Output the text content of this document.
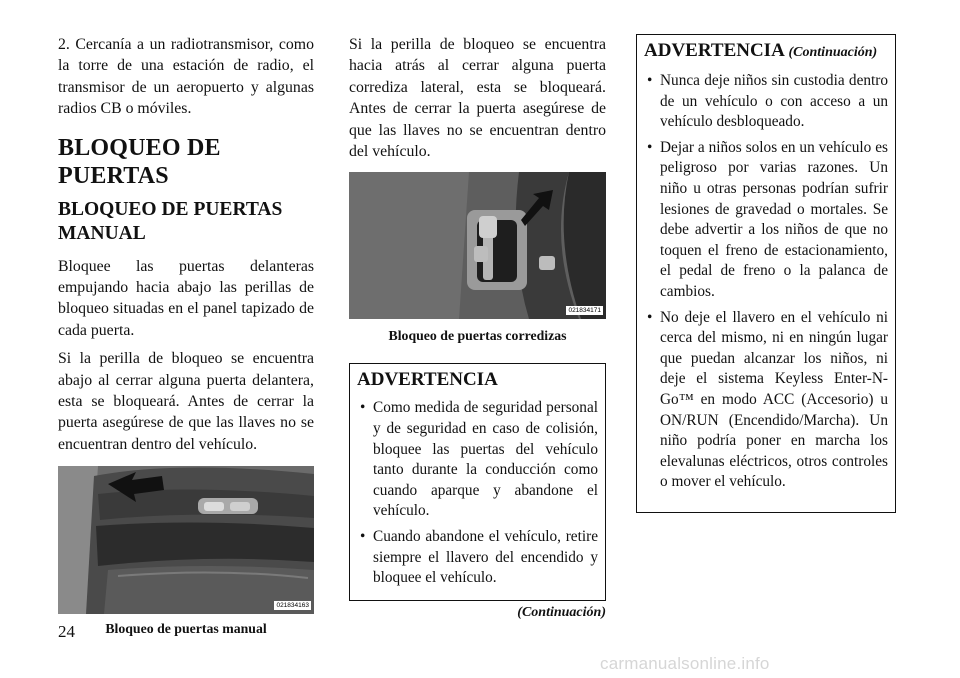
2. Cercanía a un radiotransmisor, como la torre de una estación de radio, el transmisor de un aeropuerto y algunas radios CB o móviles.

BLOQUEO DE PUERTAS
BLOQUEO DE PUERTAS MANUAL

Bloquee las puertas delanteras empujando hacia abajo las perillas de bloqueo situadas en el panel tapizado de cada puerta.

Si la perilla de bloqueo se encuentra abajo al cerrar alguna puerta delantera, esta se bloqueará. Antes de cerrar la puerta asegúrese de que las llaves no se encuentran dentro del vehículo.

021834163
Bloqueo de puertas manual

Si la perilla de bloqueo se encuentra hacia atrás al cerrar alguna puerta corrediza lateral, esta se bloqueará. Antes de cerrar la puerta asegúrese de que las llaves no se encuentran dentro del vehículo.

021834171
Bloqueo de puertas corredizas
ADVERTENCIA
• Como medida de seguridad personal y de seguridad en caso de colisión, bloquee las puertas del vehículo tanto durante la conducción como cuando aparque y abandone el vehículo.
• Cuando abandone el vehículo, retire siempre el llavero del encendido y bloquee el vehículo.
(Continuación)
ADVERTENCIA (Continuación)
• Nunca deje niños sin custodia dentro de un vehículo o con acceso a un vehículo desbloqueado.
• Dejar a niños solos en un vehículo es peligroso por varias razones. Un niño u otras personas podrían sufrir lesiones de gravedad o mortales. Se debe advertir a los niños de que no toquen el freno de estacionamiento, el pedal de freno o la palanca de cambios.
• No deje el llavero en el vehículo ni cerca del mismo, ni en ningún lugar que puedan alcanzar los niños, ni deje el sistema Keyless Enter-N-Go™ en modo ACC (Accesorio) u ON/RUN (Encendido/Marcha). Un niño podría poner en marcha los elevalunas eléctricos, otros controles o mover el vehículo.
24
carmanualsonline.info
